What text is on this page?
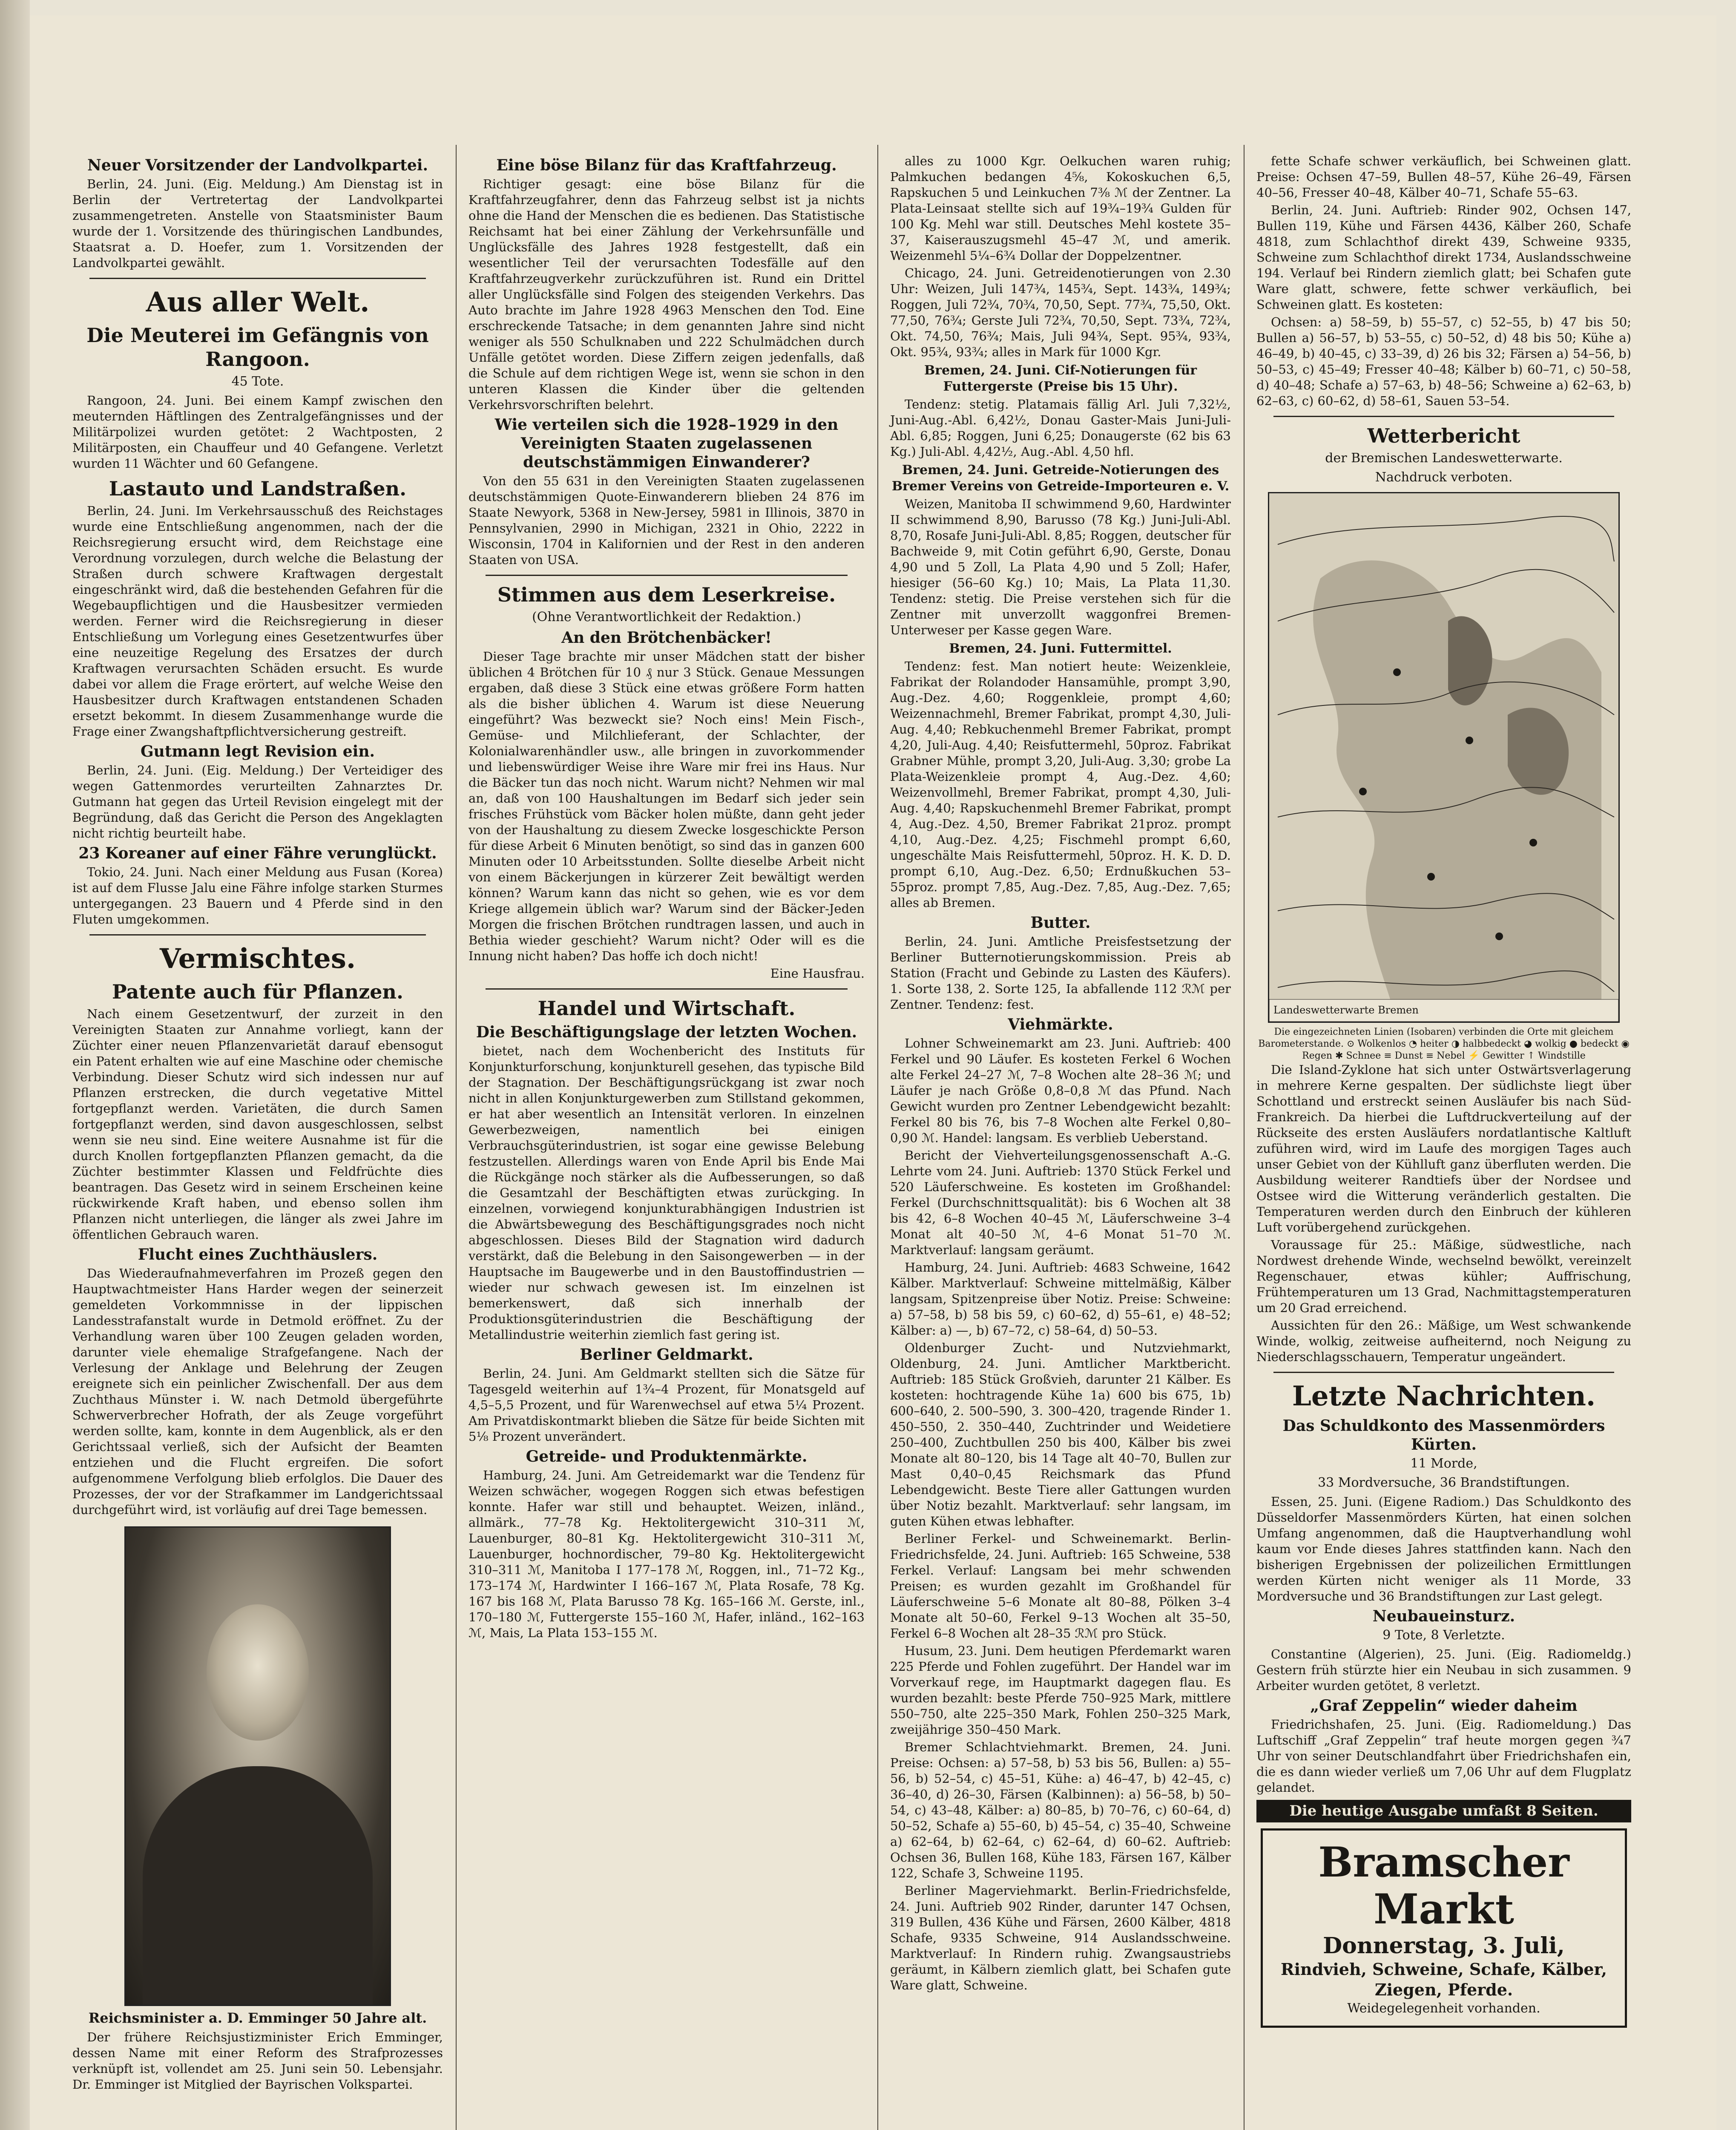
Neuer Vorsitzender der Landvolkpartei.

Berlin, 24. Juni. (Eig. Meldung.) Am Dienstag ist in Berlin der Vertretertag der Landvolkpartei zusammengetreten. Anstelle von Staatsminister Baum wurde der 1. Vorsitzende des thüringischen Landbundes, Staatsrat a. D. Hoefer, zum 1. Vorsitzenden der Landvolkpartei gewählt.

Aus aller Welt.
Die Meuterei im Gefängnis von Rangoon.
45 Tote.

Rangoon, 24. Juni. Bei einem Kampf zwischen den meuternden Häftlingen des Zentralgefängnisses und der Militärpolizei wurden getötet: 2 Wachtposten, 2 Militärposten, ein Chauffeur und 40 Gefangene. Verletzt wurden 11 Wächter und 60 Gefangene.

Lastauto und Landstraßen.

Berlin, 24. Juni. Im Verkehrsausschuß des Reichstages wurde eine Entschließung angenommen, nach der die Reichsregierung ersucht wird, dem Reichstage eine Verordnung vorzulegen, durch welche die Belastung der Straßen durch schwere Kraftwagen dergestalt eingeschränkt wird, daß die bestehenden Gefahren für die Wegebaupflichtigen und die Hausbesitzer vermieden werden. Ferner wird die Reichsregierung in dieser Entschließung um Vorlegung eines Gesetzentwurfes über eine neuzeitige Regelung des Ersatzes der durch Kraftwagen verursachten Schäden ersucht. Es wurde dabei vor allem die Frage erörtert, auf welche Weise den Hausbesitzer durch Kraftwagen entstandenen Schaden ersetzt bekommt. In diesem Zusammenhange wurde die Frage einer Zwangshaftpflichtversicherung gestreift.

Gutmann legt Revision ein.

Berlin, 24. Juni. (Eig. Meldung.) Der Verteidiger des wegen Gattenmordes verurteilten Zahnarztes Dr. Gutmann hat gegen das Urteil Revision eingelegt mit der Begründung, daß das Gericht die Person des Angeklagten nicht richtig beurteilt habe.

23 Koreaner auf einer Fähre verunglückt.

Tokio, 24. Juni. Nach einer Meldung aus Fusan (Korea) ist auf dem Flusse Jalu eine Fähre infolge starken Sturmes untergegangen. 23 Bauern und 4 Pferde sind in den Fluten umgekommen.

Vermischtes.
Patente auch für Pflanzen.

Nach einem Gesetzentwurf, der zurzeit in den Vereinigten Staaten zur Annahme vorliegt, kann der Züchter einer neuen Pflanzenvarietät darauf ebensogut ein Patent erhalten wie auf eine Maschine oder chemische Verbindung. Dieser Schutz wird sich indessen nur auf Pflanzen erstrecken, die durch vegetative Mittel fortgepflanzt werden. Varietäten, die durch Samen fortgepflanzt werden, sind davon ausgeschlossen, selbst wenn sie neu sind. Eine weitere Ausnahme ist für die durch Knollen fortgepflanzten Pflanzen gemacht, da die Züchter bestimmter Klassen und Feldfrüchte dies beantragen. Das Gesetz wird in seinem Erscheinen keine rückwirkende Kraft haben, und ebenso sollen ihm Pflanzen nicht unterliegen, die länger als zwei Jahre im öffentlichen Gebrauch waren.

Flucht eines Zuchthäuslers.

Das Wiederaufnahmeverfahren im Prozeß gegen den Hauptwachtmeister Hans Harder wegen der seinerzeit gemeldeten Vorkommnisse in der lippischen Landesstrafanstalt wurde in Detmold eröffnet. Zu der Verhandlung waren über 100 Zeugen geladen worden, darunter viele ehemalige Strafgefangene. Nach der Verlesung der Anklage und Belehrung der Zeugen ereignete sich ein peinlicher Zwischenfall. Der aus dem Zuchthaus Münster i. W. nach Detmold übergeführte Schwerverbrecher Hofrath, der als Zeuge vorgeführt werden sollte, kam, konnte in dem Augenblick, als er den Gerichtssaal verließ, sich der Aufsicht der Beamten entziehen und die Flucht ergreifen. Die sofort aufgenommene Verfolgung blieb erfolglos. Die Dauer des Prozesses, der vor der Strafkammer im Landgerichtssaal durchgeführt wird, ist vorläufig auf drei Tage bemessen.

Reichsminister a. D. Emminger 50 Jahre alt.

Der frühere Reichsjustizminister Erich Emminger, dessen Name mit einer Reform des Strafprozesses verknüpft ist, vollendet am 25. Juni sein 50. Lebensjahr. Dr. Emminger ist Mitglied der Bayrischen Volkspartei.

Eine böse Bilanz für das Kraftfahrzeug.

Richtiger gesagt: eine böse Bilanz für die Kraftfahrzeugfahrer, denn das Fahrzeug selbst ist ja nichts ohne die Hand der Menschen die es bedienen. Das Statistische Reichsamt hat bei einer Zählung der Verkehrsunfälle und Unglücksfälle des Jahres 1928 festgestellt, daß ein wesentlicher Teil der verursachten Todesfälle auf den Kraftfahrzeugverkehr zurückzuführen ist. Rund ein Drittel aller Unglücksfälle sind Folgen des steigenden Verkehrs. Das Auto brachte im Jahre 1928 4963 Menschen den Tod. Eine erschreckende Tatsache; in dem genannten Jahre sind nicht weniger als 550 Schulknaben und 222 Schulmädchen durch Unfälle getötet worden. Diese Ziffern zeigen jedenfalls, daß die Schule auf dem richtigen Wege ist, wenn sie schon in den unteren Klassen die Kinder über die geltenden Verkehrsvorschriften belehrt.

Wie verteilen sich die 1928–1929 in den Vereinigten Staaten zugelassenen deutschstämmigen Einwanderer?

Von den 55 631 in den Vereinigten Staaten zugelassenen deutschstämmigen Quote-Einwanderern blieben 24 876 im Staate Newyork, 5368 in New-Jersey, 5981 in Illinois, 3870 in Pennsylvanien, 2990 in Michigan, 2321 in Ohio, 2222 in Wisconsin, 1704 in Kalifornien und der Rest in den anderen Staaten von USA.

Stimmen aus dem Leserkreise.
(Ohne Verantwortlichkeit der Redaktion.)
An den Brötchenbäcker!

Dieser Tage brachte mir unser Mädchen statt der bisher üblichen 4 Brötchen für 10 ₰ nur 3 Stück. Genaue Messungen ergaben, daß diese 3 Stück eine etwas größere Form hatten als die bisher üblichen 4. Warum ist diese Neuerung eingeführt? Was bezweckt sie? Noch eins! Mein Fisch-, Gemüse- und Milchlieferant, der Schlachter, der Kolonialwarenhändler usw., alle bringen in zuvorkommender und liebenswürdiger Weise ihre Ware mir frei ins Haus. Nur die Bäcker tun das noch nicht. Warum nicht? Nehmen wir mal an, daß von 100 Haushaltungen im Bedarf sich jeder sein frisches Frühstück vom Bäcker holen müßte, dann geht jeder von der Haushaltung zu diesem Zwecke losgeschickte Person für diese Arbeit 6 Minuten benötigt, so sind das in ganzen 600 Minuten oder 10 Arbeitsstunden. Sollte dieselbe Arbeit nicht von einem Bäckerjungen in kürzerer Zeit bewältigt werden können? Warum kann das nicht so gehen, wie es vor dem Kriege allgemein üblich war? Warum sind der Bäcker-Jeden Morgen die frischen Brötchen rundtragen lassen, und auch in Bethia wieder geschieht? Warum nicht? Oder will es die Innung nicht haben? Das hoffe ich doch nicht!

Eine Hausfrau.
Handel und Wirtschaft.
Die Beschäftigungslage der letzten Wochen.

bietet, nach dem Wochenbericht des Instituts für Konjunkturforschung, konjunkturell gesehen, das typische Bild der Stagnation. Der Beschäftigungsrückgang ist zwar noch nicht in allen Konjunkturgewerben zum Stillstand gekommen, er hat aber wesentlich an Intensität verloren. In einzelnen Gewerbezweigen, namentlich bei einigen Verbrauchsgüterindustrien, ist sogar eine gewisse Belebung festzustellen. Allerdings waren von Ende April bis Ende Mai die Rückgänge noch stärker als die Aufbesserungen, so daß die Gesamtzahl der Beschäftigten etwas zurückging. In einzelnen, vorwiegend konjunkturabhängigen Industrien ist die Abwärtsbewegung des Beschäftigungsgrades noch nicht abgeschlossen. Dieses Bild der Stagnation wird dadurch verstärkt, daß die Belebung in den Saisongewerben — in der Hauptsache im Baugewerbe und in den Baustoffindustrien — wieder nur schwach gewesen ist. Im einzelnen ist bemerkenswert, daß sich innerhalb der Produktionsgüterindustrien die Beschäftigung der Metallindustrie weiterhin ziemlich fast gering ist.

Berliner Geldmarkt.

Berlin, 24. Juni. Am Geldmarkt stellten sich die Sätze für Tagesgeld weiterhin auf 1¾–4 Prozent, für Monatsgeld auf 4,5–5,5 Prozent, und für Warenwechsel auf etwa 5¼ Prozent. Am Privatdiskontmarkt blieben die Sätze für beide Sichten mit 5⅛ Prozent unverändert.

Getreide- und Produktenmärkte.

Hamburg, 24. Juni. Am Getreidemarkt war die Tendenz für Weizen schwächer, wogegen Roggen sich etwas befestigen konnte. Hafer war still und behauptet. Weizen, inländ., allmärk., 77–78 Kg. Hektolitergewicht 310–311 ℳ, Lauenburger, 80–81 Kg. Hektolitergewicht 310–311 ℳ, Lauenburger, hochnordischer, 79–80 Kg. Hektolitergewicht 310–311 ℳ, Manitoba I 177–178 ℳ, Roggen, inl., 71–72 Kg., 173–174 ℳ, Hardwinter I 166–167 ℳ, Plata Rosafe, 78 Kg. 167 bis 168 ℳ, Plata Barusso 78 Kg. 165–166 ℳ. Gerste, inl., 170–180 ℳ, Futtergerste 155–160 ℳ, Hafer, inländ., 162–163 ℳ, Mais, La Plata 153–155 ℳ.

alles zu 1000 Kgr. Oelkuchen waren ruhig; Palmkuchen bedangen 4⅝, Kokoskuchen 6,5, Rapskuchen 5 und Leinkuchen 7⅜ ℳ der Zentner. La Plata-Leinsaat stellte sich auf 19¾–19¾ Gulden für 100 Kg. Mehl war still. Deutsches Mehl kostete 35–37, Kaiserauszugsmehl 45–47 ℳ, und amerik. Weizenmehl 5¼–6¾ Dollar der Doppelzentner.

Chicago, 24. Juni. Getreidenotierungen von 2.30 Uhr: Weizen, Juli 147¾, 145¾, Sept. 143¾, 149¾; Roggen, Juli 72¾, 70¾, 70,50, Sept. 77¾, 75,50, Okt. 77,50, 76¾; Gerste Juli 72¾, 70,50, Sept. 73¾, 72¾, Okt. 74,50, 76¾; Mais, Juli 94¾, Sept. 95¾, 93¾, Okt. 95¾, 93¾; alles in Mark für 1000 Kgr.

Bremen, 24. Juni. Cif-Notierungen für Futtergerste (Preise bis 15 Uhr).

Tendenz: stetig. Platamais fällig Arl. Juli 7,32½, Juni-Aug.-Abl. 6,42½, Donau Gaster-Mais Juni-Juli-Abl. 6,85; Roggen, Juni 6,25; Donaugerste (62 bis 63 Kg.) Juli-Abl. 4,42½, Aug.-Abl. 4,50 hfl.

Bremen, 24. Juni. Getreide-Notierungen des Bremer Vereins von Getreide-Importeuren e. V.

Weizen, Manitoba II schwimmend 9,60, Hardwinter II schwimmend 8,90, Barusso (78 Kg.) Juni-Juli-Abl. 8,70, Rosafe Juni-Juli-Abl. 8,85; Roggen, deutscher für Bachweide 9, mit Cotin geführt 6,90, Gerste, Donau 4,90 und 5 Zoll, La Plata 4,90 und 5 Zoll; Hafer, hiesiger (56–60 Kg.) 10; Mais, La Plata 11,30. Tendenz: stetig. Die Preise verstehen sich für die Zentner mit unverzollt waggonfrei Bremen-Unterweser per Kasse gegen Ware.

Bremen, 24. Juni. Futtermittel.

Tendenz: fest. Man notiert heute: Weizenkleie, Fabrikat der Rolandoder Hansamühle, prompt 3,90, Aug.-Dez. 4,60; Roggenkleie, prompt 4,60; Weizennachmehl, Bremer Fabrikat, prompt 4,30, Juli-Aug. 4,40; Rebkuchenmehl Bremer Fabrikat, prompt 4,20, Juli-Aug. 4,40; Reisfuttermehl, 50proz. Fabrikat Grabner Mühle, prompt 3,20, Juli-Aug. 3,30; grobe La Plata-Weizenkleie prompt 4, Aug.-Dez. 4,60; Weizenvollmehl, Bremer Fabrikat, prompt 4,30, Juli-Aug. 4,40; Rapskuchenmehl Bremer Fabrikat, prompt 4, Aug.-Dez. 4,50, Bremer Fabrikat 21proz. prompt 4,10, Aug.-Dez. 4,25; Fischmehl prompt 6,60, ungeschälte Mais Reisfuttermehl, 50proz. H. K. D. D. prompt 6,10, Aug.-Dez. 6,50; Erdnußkuchen 53–55proz. prompt 7,85, Aug.-Dez. 7,85, Aug.-Dez. 7,65; alles ab Bremen.

Butter.

Berlin, 24. Juni. Amtliche Preisfestsetzung der Berliner Butternotierungskommission. Preis ab Station (Fracht und Gebinde zu Lasten des Käufers). 1. Sorte 138, 2. Sorte 125, Ia abfallende 112 ℛℳ per Zentner. Tendenz: fest.

Viehmärkte.

Lohner Schweinemarkt am 23. Juni. Auftrieb: 400 Ferkel und 90 Läufer. Es kosteten Ferkel 6 Wochen alte Ferkel 24–27 ℳ, 7–8 Wochen alte 28–36 ℳ; und Läufer je nach Größe 0,8–0,8 ℳ das Pfund. Nach Gewicht wurden pro Zentner Lebendgewicht bezahlt: Ferkel 80 bis 76, bis 7–8 Wochen alte Ferkel 0,80–0,90 ℳ. Handel: langsam. Es verblieb Ueberstand.

Bericht der Viehverteilungsgenossenschaft A.-G. Lehrte vom 24. Juni. Auftrieb: 1370 Stück Ferkel und 520 Läuferschweine. Es kosteten im Großhandel: Ferkel (Durchschnittsqualität): bis 6 Wochen alt 38 bis 42, 6–8 Wochen 40–45 ℳ, Läuferschweine 3–4 Monat alt 40–50 ℳ, 4–6 Monat 51–70 ℳ. Marktverlauf: langsam geräumt.

Hamburg, 24. Juni. Auftrieb: 4683 Schweine, 1642 Kälber. Marktverlauf: Schweine mittelmäßig, Kälber langsam, Spitzenpreise über Notiz. Preise: Schweine: a) 57–58, b) 58 bis 59, c) 60–62, d) 55–61, e) 48–52; Kälber: a) —, b) 67–72, c) 58–64, d) 50–53.

Oldenburger Zucht- und Nutzviehmarkt, Oldenburg, 24. Juni. Amtlicher Marktbericht. Auftrieb: 185 Stück Großvieh, darunter 21 Kälber. Es kosteten: hochtragende Kühe 1a) 600 bis 675, 1b) 600–640, 2. 500–590, 3. 300–420, tragende Rinder 1. 450–550, 2. 350–440, Zuchtrinder und Weidetiere 250–400, Zuchtbullen 250 bis 400, Kälber bis zwei Monate alt 80–120, bis 14 Tage alt 40–70, Bullen zur Mast 0,40–0,45 Reichsmark das Pfund Lebendgewicht. Beste Tiere aller Gattungen wurden über Notiz bezahlt. Marktverlauf: sehr langsam, im guten Kühen etwas lebhafter.

Berliner Ferkel- und Schweinemarkt. Berlin-Friedrichsfelde, 24. Juni. Auftrieb: 165 Schweine, 538 Ferkel. Verlauf: Langsam bei mehr schwenden Preisen; es wurden gezahlt im Großhandel für Läuferschweine 5–6 Monate alt 80–88, Pölken 3–4 Monate alt 50–60, Ferkel 9–13 Wochen alt 35–50, Ferkel 6–8 Wochen alt 28–35 ℛℳ pro Stück.

Husum, 23. Juni. Dem heutigen Pferdemarkt waren 225 Pferde und Fohlen zugeführt. Der Handel war im Vorverkauf rege, im Hauptmarkt dagegen flau. Es wurden bezahlt: beste Pferde 750–925 Mark, mittlere 550–750, alte 225–350 Mark, Fohlen 250–325 Mark, zweijährige 350–450 Mark.

Bremer Schlachtviehmarkt. Bremen, 24. Juni. Preise: Ochsen: a) 57–58, b) 53 bis 56, Bullen: a) 55–56, b) 52–54, c) 45–51, Kühe: a) 46–47, b) 42–45, c) 36–40, d) 26–30, Färsen (Kalbinnen): a) 56–58, b) 50–54, c) 43–48, Kälber: a) 80–85, b) 70–76, c) 60–64, d) 50–52, Schafe a) 55–60, b) 45–54, c) 35–40, Schweine a) 62–64, b) 62–64, c) 62–64, d) 60–62. Auftrieb: Ochsen 36, Bullen 168, Kühe 183, Färsen 167, Kälber 122, Schafe 3, Schweine 1195.

Berliner Magerviehmarkt. Berlin-Friedrichsfelde, 24. Juni. Auftrieb 902 Rinder, darunter 147 Ochsen, 319 Bullen, 436 Kühe und Färsen, 2600 Kälber, 4818 Schafe, 9335 Schweine, 914 Auslandsschweine. Marktverlauf: In Rindern ruhig. Zwangsaustriebs geräumt, in Kälbern ziemlich glatt, bei Schafen gute Ware glatt, Schweine.

fette Schafe schwer verkäuflich, bei Schweinen glatt. Preise: Ochsen 47–59, Bullen 48–57, Kühe 26–49, Färsen 40–56, Fresser 40–48, Kälber 40–71, Schafe 55–63.

Berlin, 24. Juni. Auftrieb: Rinder 902, Ochsen 147, Bullen 119, Kühe und Färsen 4436, Kälber 260, Schafe 4818, zum Schlachthof direkt 439, Schweine 9335, Schweine zum Schlachthof direkt 1734, Auslandsschweine 194. Verlauf bei Rindern ziemlich glatt; bei Schafen gute Ware glatt, schwere, fette schwer verkäuflich, bei Schweinen glatt. Es kosteten:

Ochsen: a) 58–59, b) 55–57, c) 52–55, b) 47 bis 50; Bullen a) 56–57, b) 53–55, c) 50–52, d) 48 bis 50; Kühe a) 46–49, b) 40–45, c) 33–39, d) 26 bis 32; Färsen a) 54–56, b) 50–53, c) 45–49; Fresser 40–48; Kälber b) 60–71, c) 50–58, d) 40–48; Schafe a) 57–63, b) 48–56; Schweine a) 62–63, b) 62–63, c) 60–62, d) 58–61, Sauen 53–54.

Wetterbericht
der Bremischen Landeswetterwarte.
Nachdruck verboten.
Landeswetterwarte Bremen
Die eingezeichneten Linien (Isobaren) verbinden die Orte mit gleichem Barometerstande. ⊙ Wolkenlos ◔ heiter ◑ halbbedeckt ◕ wolkig ● bedeckt ◉ Regen ✱ Schnee ≡ Dunst ≡ Nebel ⚡ Gewitter ↑ Windstille

Die Island-Zyklone hat sich unter Ostwärtsverlagerung in mehrere Kerne gespalten. Der südlichste liegt über Schottland und erstreckt seinen Ausläufer bis nach Süd-Frankreich. Da hierbei die Luftdruckverteilung auf der Rückseite des ersten Ausläufers nordatlantische Kaltluft zuführen wird, wird im Laufe des morgigen Tages auch unser Gebiet von der Kühlluft ganz überfluten werden. Die Ausbildung weiterer Randtiefs über der Nordsee und Ostsee wird die Witterung veränderlich gestalten. Die Temperaturen werden durch den Einbruch der kühleren Luft vorübergehend zurückgehen.

Voraussage für 25.: Mäßige, südwestliche, nach Nordwest drehende Winde, wechselnd bewölkt, vereinzelt Regenschauer, etwas kühler; Auffrischung, Frühtemperaturen um 13 Grad, Nachmittagstemperaturen um 20 Grad erreichend.

Aussichten für den 26.: Mäßige, um West schwankende Winde, wolkig, zeitweise aufheiternd, noch Neigung zu Niederschlagsschauern, Temperatur ungeändert.

Letzte Nachrichten.
Das Schuldkonto des Massenmörders Kürten.
11 Morde,
33 Mordversuche, 36 Brandstiftungen.

Essen, 25. Juni. (Eigene Radiom.) Das Schuldkonto des Düsseldorfer Massenmörders Kürten, hat einen solchen Umfang angenommen, daß die Hauptverhandlung wohl kaum vor Ende dieses Jahres stattfinden kann. Nach den bisherigen Ergebnissen der polizeilichen Ermittlungen werden Kürten nicht weniger als 11 Morde, 33 Mordversuche und 36 Brandstiftungen zur Last gelegt.

Neubaueinsturz.
9 Tote, 8 Verletzte.

Constantine (Algerien), 25. Juni. (Eig. Radiomeldg.) Gestern früh stürzte hier ein Neubau in sich zusammen. 9 Arbeiter wurden getötet, 8 verletzt.

„Graf Zeppelin“ wieder daheim

Friedrichshafen, 25. Juni. (Eig. Radiomeldung.) Das Luftschiff „Graf Zeppelin“ traf heute morgen gegen ¾7 Uhr von seiner Deutschlandfahrt über Friedrichshafen ein, die es dann wieder verließ um 7,06 Uhr auf dem Flugplatz gelandet.

Die heutige Ausgabe umfaßt 8 Seiten.
Bramscher Markt
Donnerstag, 3. Juli,
Rindvieh, Schweine, Schafe, Kälber,
Ziegen, Pferde.
Weidegelegenheit vorhanden.
